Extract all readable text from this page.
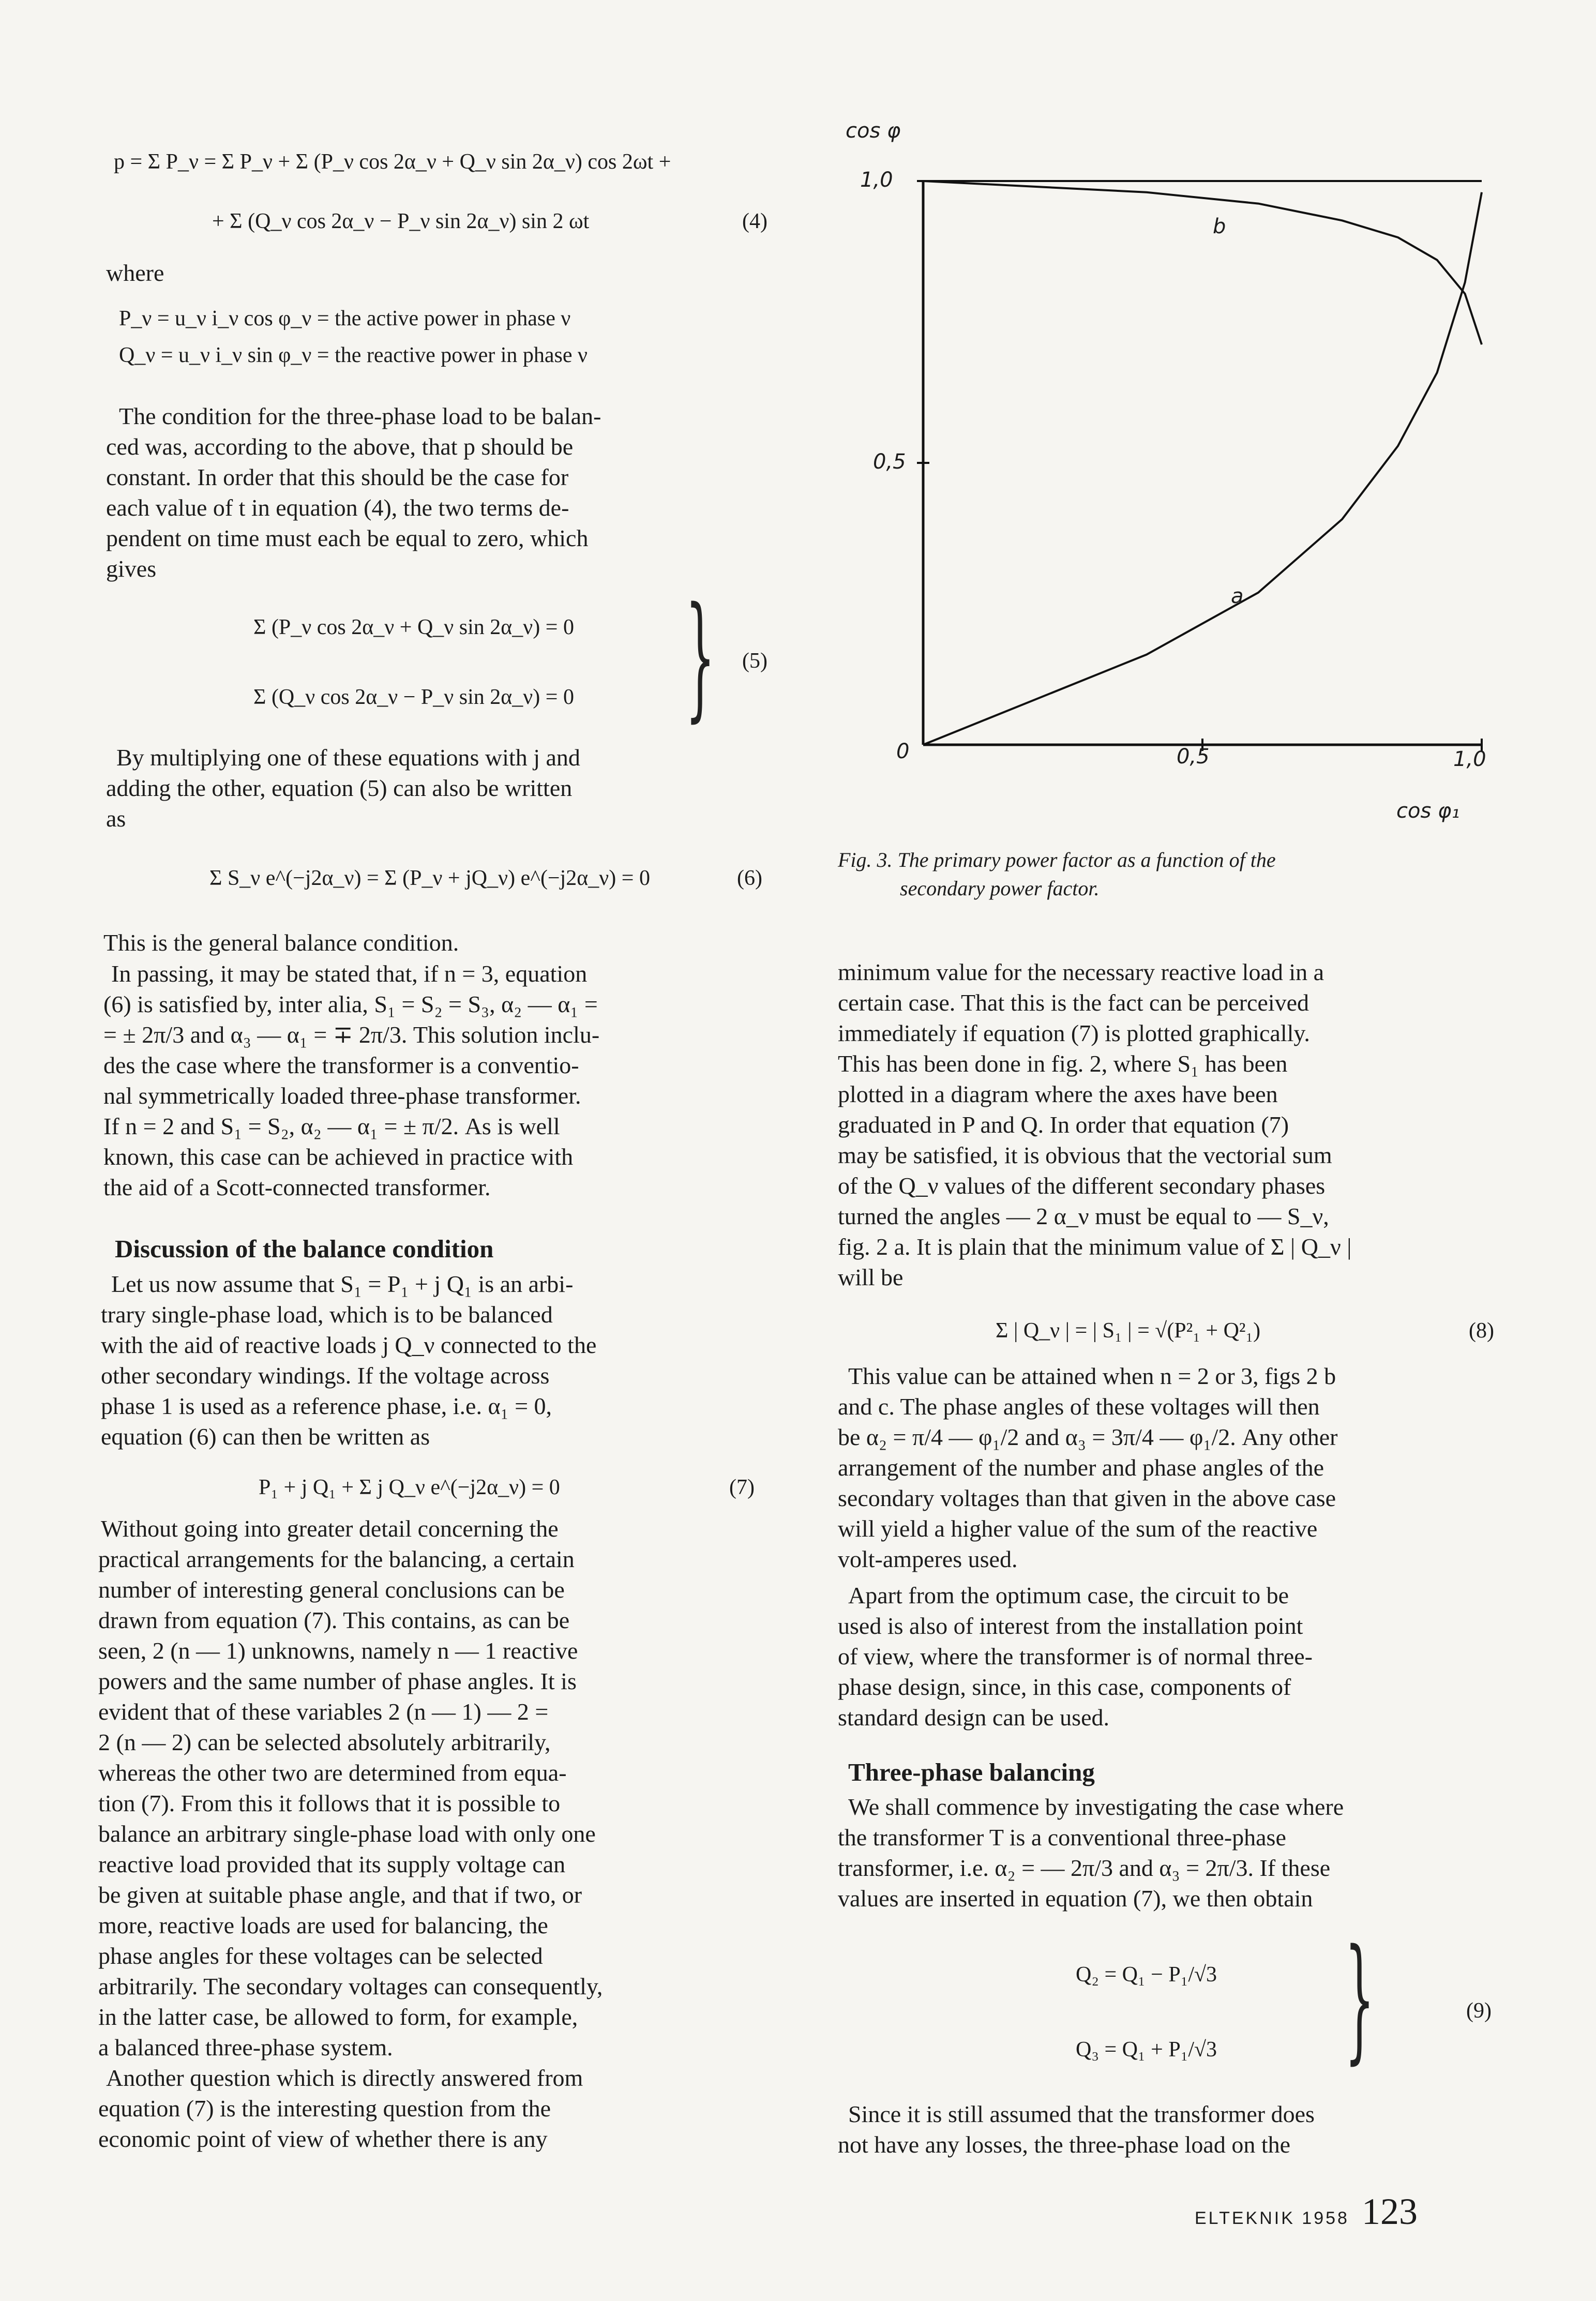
p = Σ P_ν = Σ P_ν + Σ (P_ν cos 2α_ν + Q_ν sin 2α_ν) cos 2ωt +
+ Σ (Q_ν cos 2α_ν − P_ν sin 2α_ν) sin 2 ωt	(4)
where
P_ν = u_ν i_ν cos φ_ν = the active power in phase ν
Q_ν = u_ν i_ν sin φ_ν = the reactive power in phase ν
The condition for the three-phase load to be balan-
ced was, according to the above, that p should be
constant. In order that this should be the case for
each value of t in equation (4), the two terms de-
pendent on time must each be equal to zero, which
gives
Σ (P_ν cos 2α_ν + Q_ν sin 2α_ν) = 0
Σ (Q_ν cos 2α_ν − P_ν sin 2α_ν) = 0 } (5)
By multiplying one of these equations with j and
adding the other, equation (5) can also be written
as
Σ S_ν e^(−j2α_ν) = Σ (P_ν + jQ_ν) e^(−j2α_ν) = 0	(6)
This is the general balance condition.
In passing, it may be stated that, if n = 3, equation
(6) is satisfied by, inter alia, S₁ = S₂ = S₃, α₂ — α₁ =
= ± 2π/3 and α₃ — α₁ = ∓ 2π/3. This solution inclu-
des the case where the transformer is a conventio-
nal symmetrically loaded three-phase transformer.
If n = 2 and S₁ = S₂, α₂ — α₁ = ± π/2. As is well
known, this case can be achieved in practice with
the aid of a Scott-connected transformer.
Discussion of the balance condition
Let us now assume that S₁ = P₁ + j Q₁ is an arbi-
trary single-phase load, which is to be balanced
with the aid of reactive loads j Q_ν connected to the
other secondary windings. If the voltage across
phase 1 is used as a reference phase, i.e. α₁ = 0,
equation (6) can then be written as
P₁ + j Q₁ + Σ j Q_ν e^(−j2α_ν) = 0	(7)
Without going into greater detail concerning the
practical arrangements for the balancing, a certain
number of interesting general conclusions can be
drawn from equation (7). This contains, as can be
seen, 2 (n — 1) unknowns, namely n — 1 reactive
powers and the same number of phase angles. It is
evident that of these variables 2 (n — 1) — 2 =
2 (n — 2) can be selected absolutely arbitrarily,
whereas the other two are determined from equa-
tion (7). From this it follows that it is possible to
balance an arbitrary single-phase load with only one
reactive load provided that its supply voltage can
be given at suitable phase angle, and that if two, or
more, reactive loads are used for balancing, the
phase angles for these voltages can be selected
arbitrarily. The secondary voltages can consequently,
in the latter case, be allowed to form, for example,
a balanced three-phase system.
Another question which is directly answered from
equation (7) is the interesting question from the
economic point of view of whether there is any
cos φ
1,0
0,5
0	0,5	1,0
cos φ₁
a
b
Fig. 3. The primary power factor as a function of the
secondary power factor.
minimum value for the necessary reactive load in a
certain case. That this is the fact can be perceived
immediately if equation (7) is plotted graphically.
This has been done in fig. 2, where S₁ has been
plotted in a diagram where the axes have been
graduated in P and Q. In order that equation (7)
may be satisfied, it is obvious that the vectorial sum
of the Q_ν values of the different secondary phases
turned the angles — 2 α_ν must be equal to — S_ν,
fig. 2 a. It is plain that the minimum value of Σ | Q_ν |
will be
Σ | Q_ν | = | S₁ | = √(P²₁ + Q²₁)	(8)
This value can be attained when n = 2 or 3, figs 2 b
and c. The phase angles of these voltages will then
be α₂ = π/4 — φ₁/2 and α₃ = 3π/4 — φ₁/2. Any other
arrangement of the number and phase angles of the
secondary voltages than that given in the above case
will yield a higher value of the sum of the reactive
volt-amperes used.
Apart from the optimum case, the circuit to be
used is also of interest from the installation point
of view, where the transformer is of normal three-
phase design, since, in this case, components of
standard design can be used.
Three-phase balancing
We shall commence by investigating the case where
the transformer T is a conventional three-phase
transformer, i.e. α₂ = — 2π/3 and α₃ = 2π/3. If these
values are inserted in equation (7), we then obtain
Q₂ = Q₁ − P₁/√3
Q₃ = Q₁ + P₁/√3 }	(9)
Since it is still assumed that the transformer does
not have any losses, the three-phase load on the
ELTEKNIK 1958 123
